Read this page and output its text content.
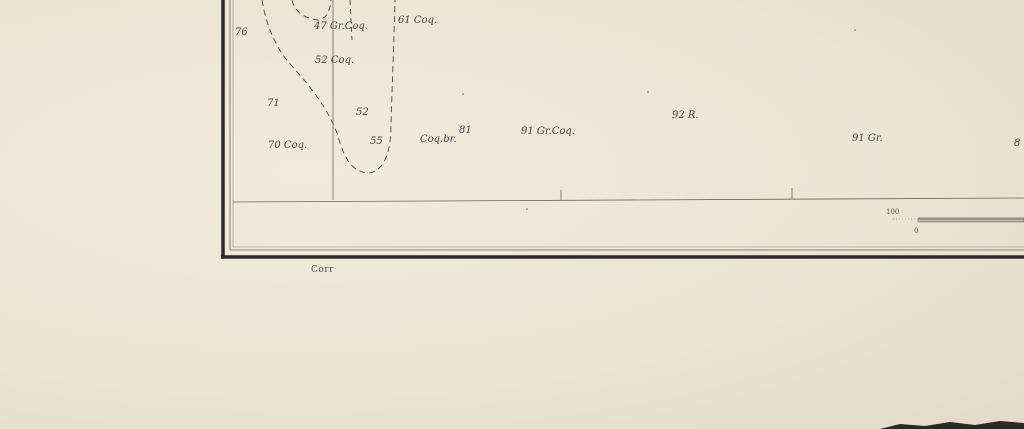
76
47 Gr.Coq.
61 Coq.
52 Coq.
71
52
70 Coq.	55	Coq.br.
81	91 Gr.Coq.
92 R.
91 Gr.	8
100
0
Corr
